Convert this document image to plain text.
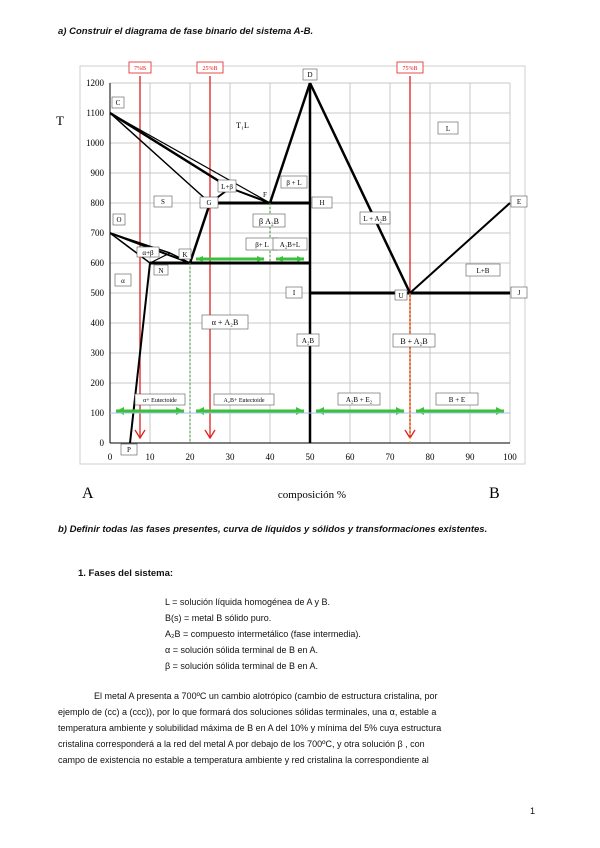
a) Construir el diagrama de fase binario del sistema A-B.
0
100
200
300
400
500
600
700
800
900
1000
1100
1200
0	10	20	30	40	50	60	70	80	90	100
T
A	composición %	B
7%B	25%B	75%B
C
D
E
F
G	H
I	J
K
N
O
P
S
U
T₁	L
L+β	β + L
L + A₂B
α+β
α
β A₂B
β+ L A₂B+L
L+B
α + A₂B
A₂B	B + A₂B
α+ Eutectoide	A₂B+ Eutectoide	A₂B + E₂	B + E
L
b) Definir todas las fases presentes, curva de líquidos y sólidos y transformaciones existentes.
1. Fases del sistema:
L = solución líquida homogénea de A y B.
B(s) = metal B sólido puro.
A₂B = compuesto intermetálico (fase intermedia).
α = solución sólida terminal de B en A.
β = solución sólida terminal de B en A.
El metal A presenta a 700ºC un cambio alotrópico (cambio de estructura cristalina, por
ejemplo de (cc) a (ccc)), por lo que formará dos soluciones sólidas terminales, una α, estable a
temperatura ambiente y solubilidad máxima de B en A del 10% y mínima del 5% cuya estructura
cristalina corresponderá a la red del metal A por debajo de los 700ºC, y otra solución β , con
campo de existencia no estable a temperatura ambiente y red cristalina la correspondiente al
1
